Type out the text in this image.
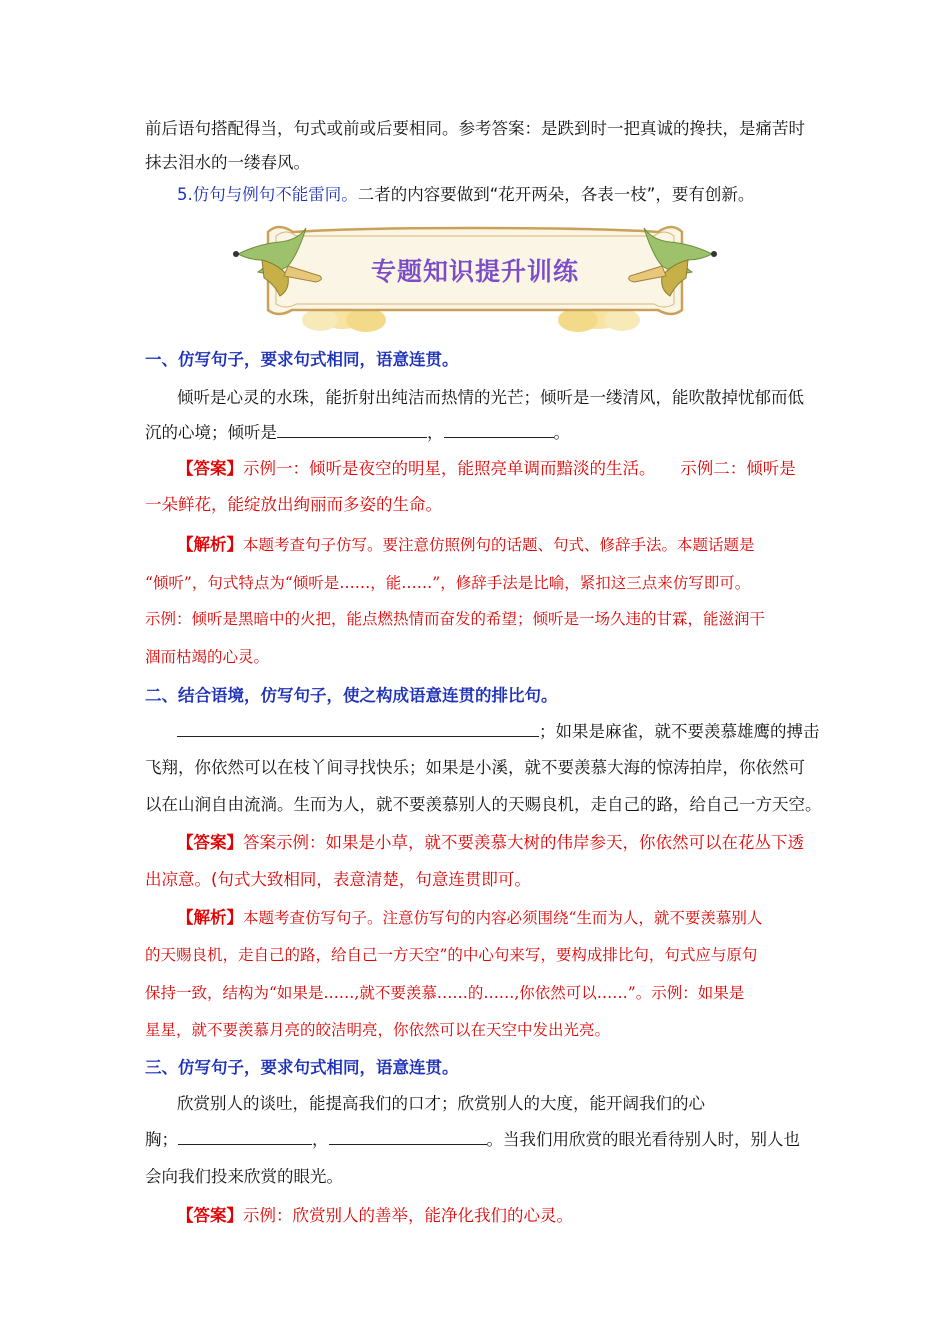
前后语句搭配得当，句式或前或后要相同。参考答案：是跌到时一把真诚的搀扶，是痛苦时

抹去泪水的一缕春风。

5.仿句与例句不能雷同。二者的内容要做到“花开两朵，各表一枝”，要有创新。

专题知识提升训练

一、仿写句子，要求句式相同，语意连贯。

倾听是心灵的水珠，能折射出纯洁而热情的光芒；倾听是一缕清风，能吹散掉忧郁而低

沉的心境；倾听是	，	。

【答案】示例一：倾听是夜空的明星，能照亮单调而黯淡的生活。　　示例二：倾听是

一朵鲜花，能绽放出绚丽而多姿的生命。

【解析】本题考查句子仿写。要注意仿照例句的话题、句式、修辞手法。本题话题是

“倾听”，句式特点为“倾听是……，能……”，修辞手法是比喻，紧扣这三点来仿写即可。

示例：倾听是黑暗中的火把，能点燃热情而奋发的希望；倾听是一场久违的甘霖，能滋润干

涸而枯竭的心灵。

二、结合语境，仿写句子，使之构成语意连贯的排比句。

；如果是麻雀，就不要羡慕雄鹰的搏击

飞翔，你依然可以在枝丫间寻找快乐；如果是小溪，就不要羡慕大海的惊涛拍岸，你依然可

以在山涧自由流淌。生而为人，就不要羡慕别人的天赐良机，走自己的路，给自己一方天空。

【答案】答案示例：如果是小草，就不要羡慕大树的伟岸参天，你依然可以在花丛下透

出凉意。(句式大致相同，表意清楚，句意连贯即可。

【解析】本题考查仿写句子。注意仿写句的内容必须围绕“生而为人，就不要羡慕别人

的天赐良机，走自己的路，给自己一方天空”的中心句来写，要构成排比句，句式应与原句

保持一致，结构为“如果是……,就不要羡慕……的……,你依然可以……”。示例：如果是

星星，就不要羡慕月亮的皎洁明亮，你依然可以在天空中发出光亮。

三、仿写句子，要求句式相同，语意连贯。

欣赏别人的谈吐，能提高我们的口才；欣赏别人的大度，能开阔我们的心

胸；	，	。当我们用欣赏的眼光看待别人时，别人也

会向我们投来欣赏的眼光。

【答案】示例：欣赏别人的善举，能净化我们的心灵。
